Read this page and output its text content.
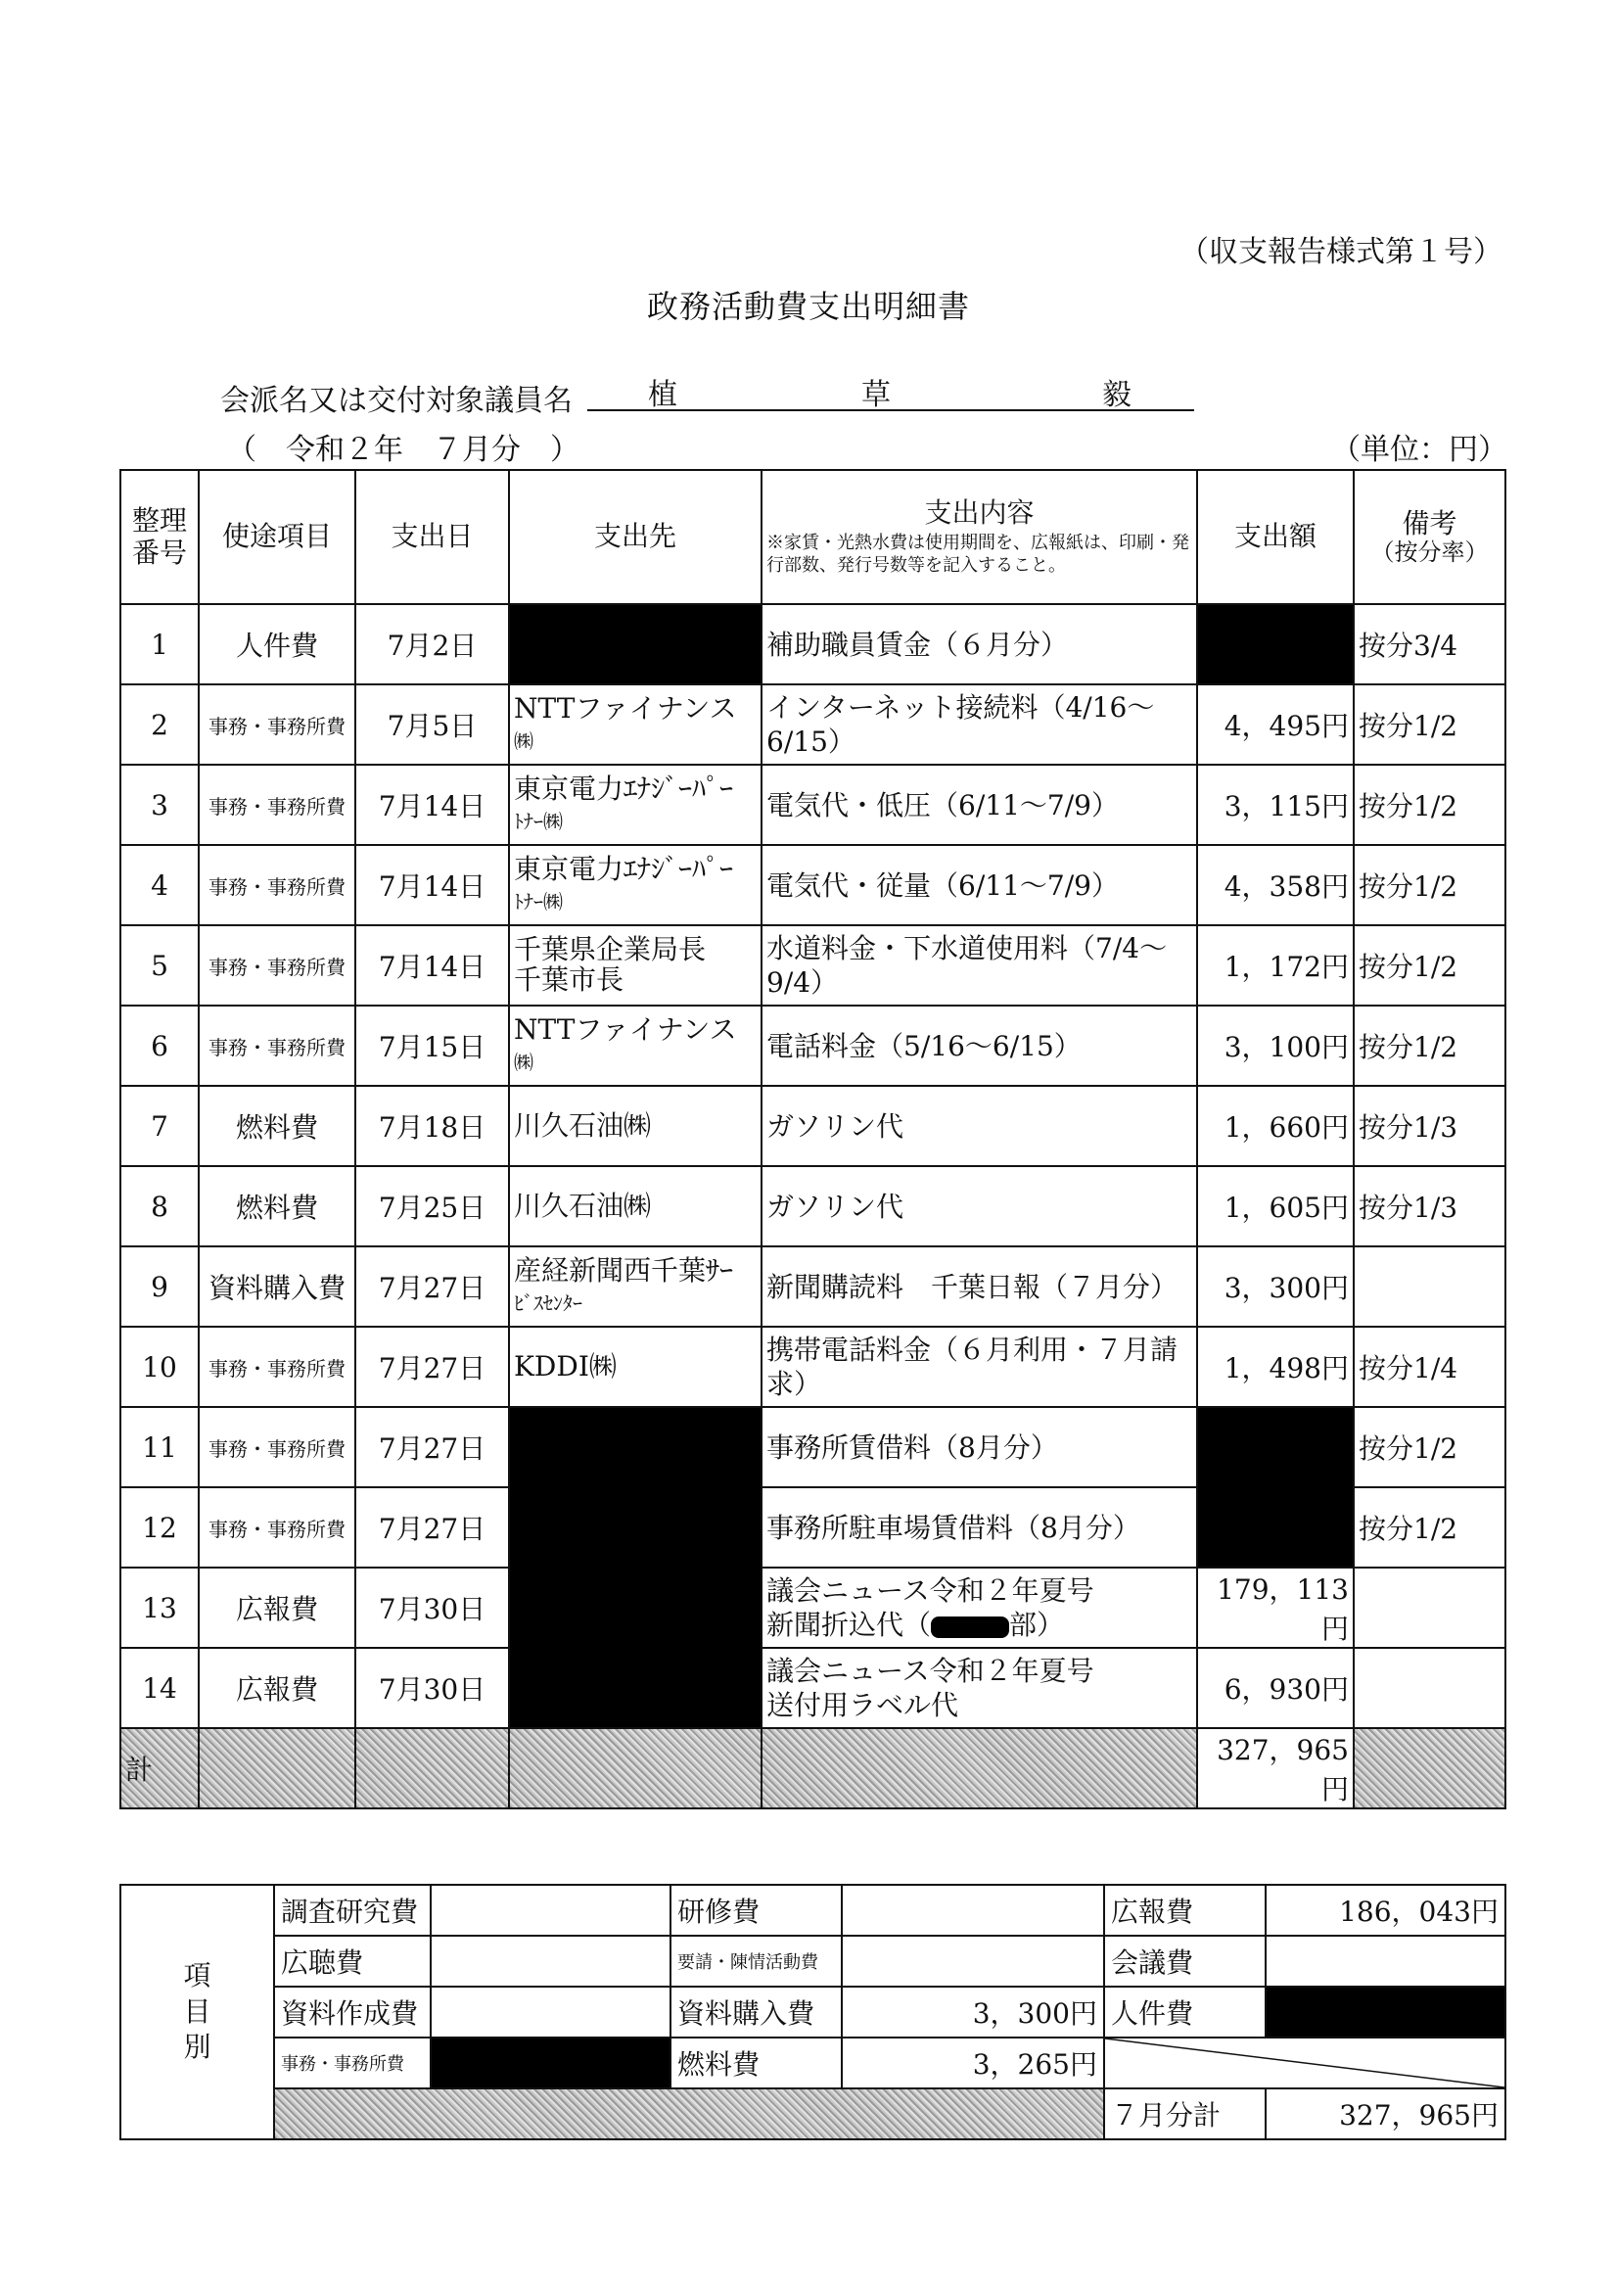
（収支報告様式第１号）
政務活動費支出明細書
会派名又は交付対象議員名	植	草	毅
（　令和２年　７月分　）	（単位：円）
整理
番号	使途項目	支出日	支出先	支出内容
※家賃・光熱水費は使用期間を、広報紙は、印刷・発行部数、発行号数等を記入すること。	支出額	備考
（按分率）

1	人件費	7月2日		補助職員賃金（６月分）		按分3/4
2	事務・事務所費	7月5日	NTTファイナンス
㈱	インターネット接続料（4/16～6/15）	4，495円	按分1/2
3	事務・事務所費	7月14日	東京電力ｴﾅｼﾞｰﾊﾟｰ
ﾄﾅｰ㈱	電気代・低圧（6/11～7/9）	3，115円	按分1/2
4	事務・事務所費	7月14日	東京電力ｴﾅｼﾞｰﾊﾟｰ
ﾄﾅｰ㈱	電気代・従量（6/11～7/9）	4，358円	按分1/2
5	事務・事務所費	7月14日	千葉県企業局長
千葉市長	水道料金・下水道使用料（7/4～9/4）	1，172円	按分1/2
6	事務・事務所費	7月15日	NTTファイナンス
㈱	電話料金（5/16～6/15）	3，100円	按分1/2
7	燃料費	7月18日	川久石油㈱	ガソリン代	1，660円	按分1/3
8	燃料費	7月25日	川久石油㈱	ガソリン代	1，605円	按分1/3
9	資料購入費	7月27日	産経新聞西千葉ｻｰ
ﾋﾞｽｾﾝﾀｰ	新聞購読料　千葉日報（７月分）	3，300円	
10	事務・事務所費	7月27日	KDDI㈱	携帯電話料金（６月利用・７月請求）	1，498円	按分1/4
11	事務・事務所費	7月27日		事務所賃借料（8月分）		按分1/2
12	事務・事務所費	7月27日		事務所駐車場賃借料（8月分）		按分1/2
13	広報費	7月30日		議会ニュース令和２年夏号
新聞折込代（ 部）	179，113円	
14	広報費	7月30日		議会ニュース令和２年夏号
送付用ラベル代	6，930円	
計					327，965円	
項
目
別	調査研究費		研修費		広報費	186，043円
	広聴費		要請・陳情活動費		会議費	
	資料作成費		資料購入費	3，300円	人件費	
	事務・事務所費		燃料費	3，265円		
					７月分計	327，965円
